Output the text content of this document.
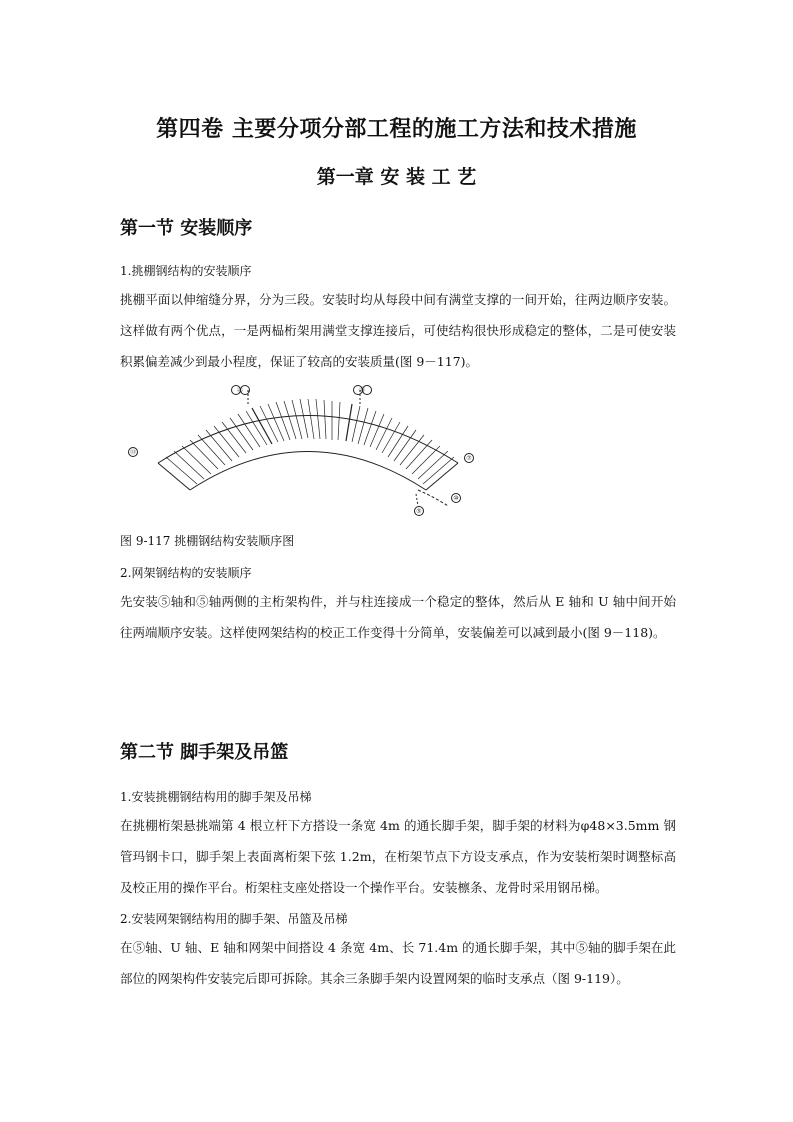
第四卷 主要分项分部工程的施工方法和技术措施
第一章 安 装 工 艺
第一节 安装顺序
1.挑棚钢结构的安装顺序
挑棚平面以伸缩缝分界，分为三段。安装时均从每段中间有满堂支撑的一间开始，往两边顺序安装。这样做有两个优点，一是两榀桁架用满堂支撑连接后，可使结构很快形成稳定的整体，二是可使安装积累偏差减少到最小程度，保证了较高的安装质量(图 9－117)。
⑬
㉑	㉖
⑦
⑤
⑩
图 9-117 挑棚钢结构安装顺序图
2.网架钢结构的安装顺序
先安装⑤轴和⑤轴两侧的主桁架构件，并与柱连接成一个稳定的整体，然后从 E 轴和 U 轴中间开始往两端顺序安装。这样使网架结构的校正工作变得十分简单，安装偏差可以减到最小(图 9－118)。
第二节 脚手架及吊篮
1.安装挑棚钢结构用的脚手架及吊梯
在挑棚桁架悬挑端第 4 根立杆下方搭设一条宽 4m 的通长脚手架，脚手架的材料为φ48×3.5mm 钢管玛钢卡口，脚手架上表面离桁架下弦 1.2m，在桁架节点下方设支承点，作为安装桁架时调整标高及校正用的操作平台。桁架柱支座处搭设一个操作平台。安装檩条、龙骨时采用钢吊梯。
2.安装网架钢结构用的脚手架、吊篮及吊梯
在⑤轴、U 轴、E 轴和网架中间搭设 4 条宽 4m、长 71.4m 的通长脚手架，其中⑤轴的脚手架在此部位的网架构件安装完后即可拆除。其余三条脚手架内设置网架的临时支承点（图 9-119）。
